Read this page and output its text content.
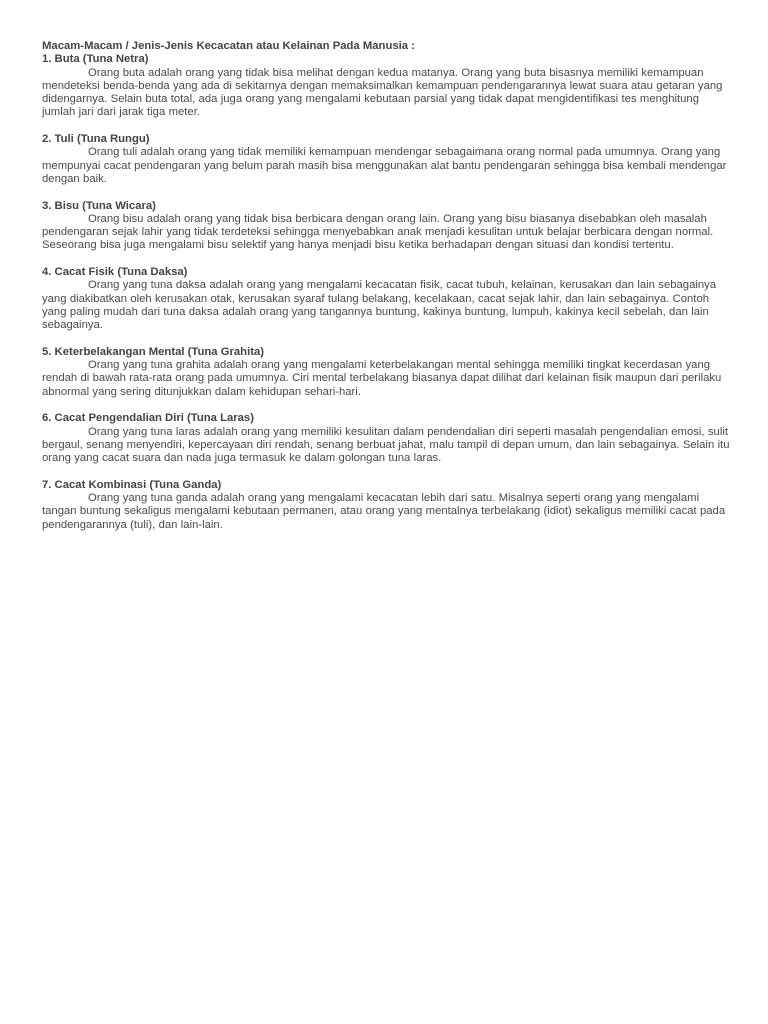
Macam-Macam / Jenis-Jenis Kecacatan atau Kelainan Pada Manusia :
1. Buta (Tuna Netra)

Orang buta adalah orang yang tidak bisa melihat dengan kedua matanya. Orang yang buta bisasnya memiliki kemampuan mendeteksi benda-benda yang ada di sekitarnya dengan memaksimalkan kemampuan pendengarannya lewat suara atau getaran yang didengarnya. Selain buta total, ada juga orang yang mengalami kebutaan parsial yang tidak dapat mengidentifikasi tes menghitung jumlah jari dari jarak tiga meter.

2. Tuli (Tuna Rungu)

Orang tuli adalah orang yang tidak memiliki kemampuan mendengar sebagaimana orang normal pada umumnya. Orang yang mempunyai cacat pendengaran yang belum parah masih bisa menggunakan alat bantu pendengaran sehingga bisa kembali mendengar dengan baik.

3. Bisu (Tuna Wicara)

Orang bisu adalah orang yang tidak bisa berbicara dengan orang lain. Orang yang bisu biasanya disebabkan oleh masalah pendengaran sejak lahir yang tidak terdeteksi sehingga menyebabkan anak menjadi kesulitan untuk belajar berbicara dengan normal. Seseorang bisa juga mengalami bisu selektif yang hanya menjadi bisu ketika berhadapan dengan situasi dan kondisi tertentu.

4. Cacat Fisik (Tuna Daksa)

Orang yang tuna daksa adalah orang yang mengalami kecacatan fisik, cacat tubuh, kelainan, kerusakan dan lain sebagainya yang diakibatkan oleh kerusakan otak, kerusakan syaraf tulang belakang, kecelakaan, cacat sejak lahir, dan lain sebagainya. Contoh yang paling mudah dari tuna daksa adalah orang yang tangannya buntung, kakinya buntung, lumpuh, kakinya kecil sebelah, dan lain sebagainya.

5. Keterbelakangan Mental (Tuna Grahita)

Orang yang tuna grahita adalah orang yang mengalami keterbelakangan mental sehingga memiliki tingkat kecerdasan yang rendah di bawah rata-rata orang pada umumnya. Ciri mental terbelakang biasanya dapat dilihat dari kelainan fisik maupun dari perilaku abnormal yang sering ditunjukkan dalam kehidupan sehari-hari.

6. Cacat Pengendalian Diri (Tuna Laras)

Orang yang tuna laras adalah orang yang memiliki kesulitan dalam pendendalian diri seperti masalah pengendalian emosi, sulit bergaul, senang menyendiri, kepercayaan diri rendah, senang berbuat jahat, malu tampil di depan umum, dan lain sebagainya. Selain itu orang yang cacat suara dan nada juga termasuk ke dalam golongan tuna laras.

7. Cacat Kombinasi (Tuna Ganda)

Orang yang tuna ganda adalah orang yang mengalami kecacatan lebih dari satu. Misalnya seperti orang yang mengalami tangan buntung sekaligus mengalami kebutaan permanen, atau orang yang mentalnya terbelakang (idiot) sekaligus memiliki cacat pada pendengarannya (tuli), dan lain-lain.
